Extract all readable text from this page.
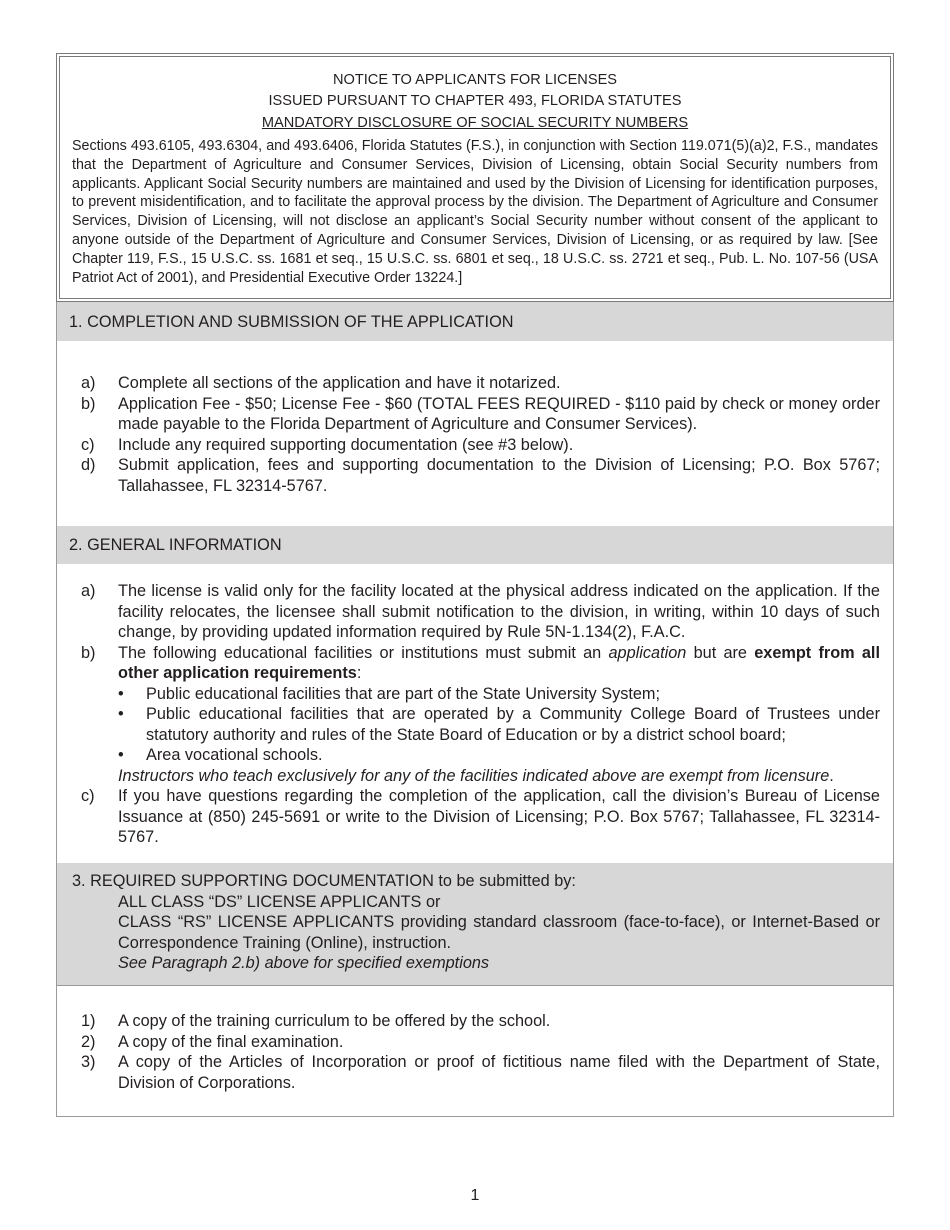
NOTICE TO APPLICANTS FOR LICENSES
ISSUED PURSUANT TO CHAPTER 493, FLORIDA STATUTES
MANDATORY DISCLOSURE OF SOCIAL SECURITY NUMBERS
Sections 493.6105, 493.6304, and 493.6406, Florida Statutes (F.S.), in conjunction with Section 119.071(5)(a)2, F.S., mandates that the Department of Agriculture and Consumer Services, Division of Licensing, obtain Social Security numbers from applicants. Applicant Social Security numbers are maintained and used by the Division of Licensing for identification purposes, to prevent misidentification, and to facilitate the approval process by the division. The Department of Agriculture and Consumer Services, Division of Licensing, will not disclose an applicant’s Social Security number without consent of the applicant to anyone outside of the Department of Agriculture and Consumer Services, Division of Licensing, or as required by law. [See Chapter 119, F.S., 15 U.S.C. ss. 1681 et seq., 15 U.S.C. ss. 6801 et seq., 18 U.S.C. ss. 2721 et seq., Pub. L. No. 107-56 (USA Patriot Act of 2001), and Presidential Executive Order 13224.]
1. COMPLETION AND SUBMISSION OF THE APPLICATION
a) Complete all sections of the application and have it notarized.
b) Application Fee - $50; License Fee - $60 (TOTAL FEES REQUIRED - $110 paid by check or money order made payable to the Florida Department of Agriculture and Consumer Services).
c) Include any required supporting documentation (see #3 below).
d) Submit application, fees and supporting documentation to the Division of Licensing; P.O. Box 5767; Tallahassee, FL 32314-5767.
2. GENERAL INFORMATION
a) The license is valid only for the facility located at the physical address indicated on the application. If the facility relocates, the licensee shall submit notification to the division, in writing, within 10 days of such change, by providing updated information required by Rule 5N-1.134(2), F.A.C.
b) The following educational facilities or institutions must submit an application but are exempt from all other application requirements:
• Public educational facilities that are part of the State University System;
• Public educational facilities that are operated by a Community College Board of Trustees under statutory authority and rules of the State Board of Education or by a district school board;
• Area vocational schools.
Instructors who teach exclusively for any of the facilities indicated above are exempt from licensure.
c) If you have questions regarding the completion of the application, call the division’s Bureau of License Issuance at (850) 245-5691 or write to the Division of Licensing; P.O. Box 5767; Tallahassee, FL 32314-5767.
3. REQUIRED SUPPORTING DOCUMENTATION to be submitted by:
ALL CLASS “DS” LICENSE APPLICANTS or
CLASS “RS” LICENSE APPLICANTS providing standard classroom (face-to-face), or Internet-Based or Correspondence Training (Online), instruction.
See Paragraph 2.b) above for specified exemptions
1) A copy of the training curriculum to be offered by the school.
2) A copy of the final examination.
3) A copy of the Articles of Incorporation or proof of fictitious name filed with the Department of State, Division of Corporations.
1
